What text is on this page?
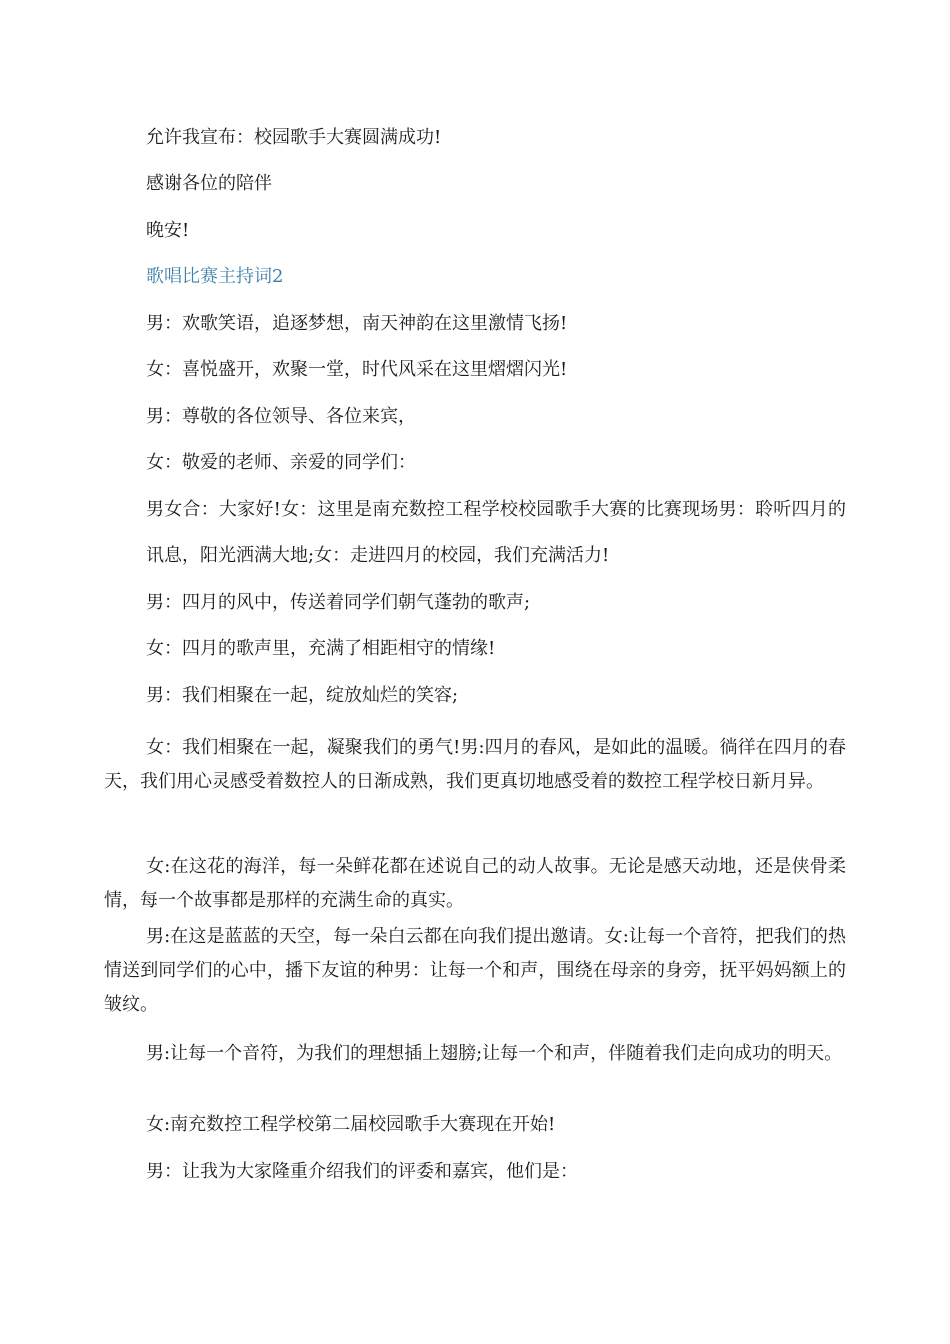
允许我宣布：校园歌手大赛圆满成功!
感谢各位的陪伴
晚安!
歌唱比赛主持词2
男：欢歌笑语，追逐梦想，南天神韵在这里激情飞扬!
女：喜悦盛开，欢聚一堂，时代风采在这里熠熠闪光!
男：尊敬的各位领导、各位来宾，
女：敬爱的老师、亲爱的同学们：
男女合：大家好!女：这里是南充数控工程学校校园歌手大赛的比赛现场男：聆听四月的讯息，阳光洒满大地;女：走进四月的校园，我们充满活力!
男：四月的风中，传送着同学们朝气蓬勃的歌声;
女：四月的歌声里，充满了相距相守的情缘!
男：我们相聚在一起，绽放灿烂的笑容;
女：我们相聚在一起，凝聚我们的勇气!男:四月的春风，是如此的温暖。徜徉在四月的春天，我们用心灵感受着数控人的日渐成熟，我们更真切地感受着的数控工程学校日新月异。
女:在这花的海洋，每一朵鲜花都在述说自己的动人故事。无论是感天动地，还是侠骨柔情，每一个故事都是那样的充满生命的真实。
男:在这是蓝蓝的天空，每一朵白云都在向我们提出邀请。女:让每一个音符，把我们的热情送到同学们的心中，播下友谊的种男：让每一个和声，围绕在母亲的身旁，抚平妈妈额上的皱纹。
男:让每一个音符，为我们的理想插上翅膀;让每一个和声，伴随着我们走向成功的明天。
女:南充数控工程学校第二届校园歌手大赛现在开始!
男：让我为大家隆重介绍我们的评委和嘉宾，他们是：
